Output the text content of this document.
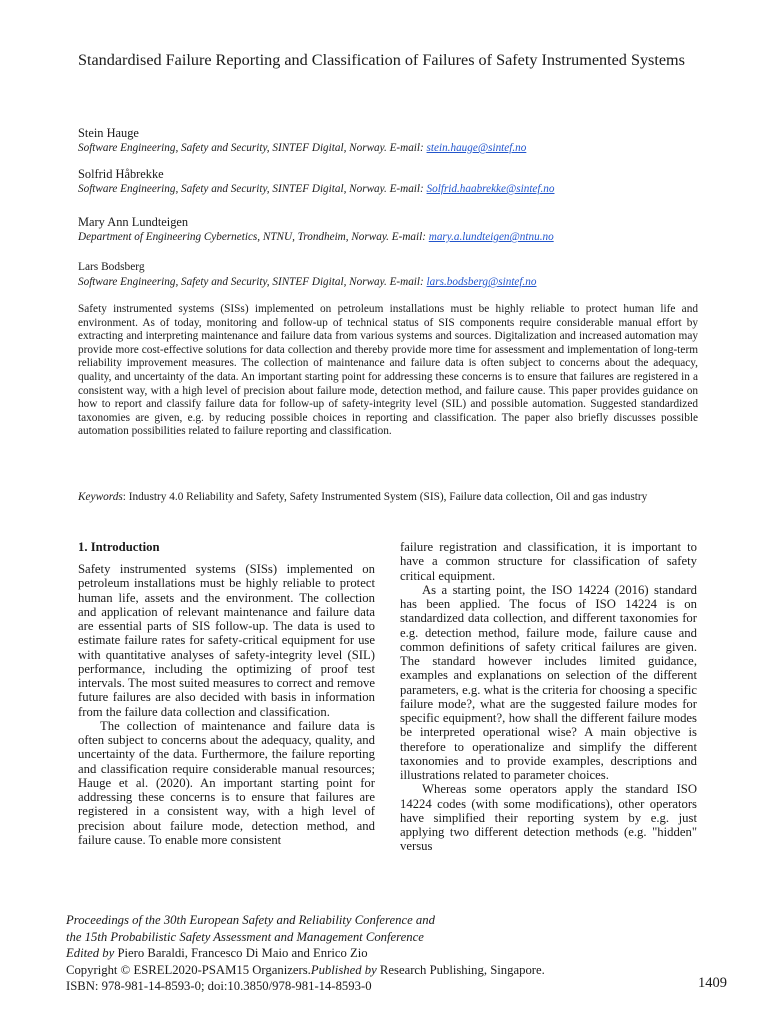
Standardised Failure Reporting and Classification of Failures of Safety Instrumented Systems
Stein Hauge
Software Engineering, Safety and Security, SINTEF Digital, Norway. E-mail: stein.hauge@sintef.no
Solfrid Håbrekke
Software Engineering, Safety and Security, SINTEF Digital, Norway. E-mail: Solfrid.haabrekke@sintef.no
Mary Ann Lundteigen
Department of Engineering Cybernetics, NTNU, Trondheim, Norway. E-mail: mary.a.lundteigen@ntnu.no
Lars Bodsberg
Software Engineering, Safety and Security, SINTEF Digital, Norway. E-mail: lars.bodsberg@sintef.no
Safety instrumented systems (SISs) implemented on petroleum installations must be highly reliable to protect human life and environment. As of today, monitoring and follow-up of technical status of SIS components require considerable manual effort by extracting and interpreting maintenance and failure data from various systems and sources. Digitalization and increased automation may provide more cost-effective solutions for data collection and thereby provide more time for assessment and implementation of long-term reliability improvement measures. The collection of maintenance and failure data is often subject to concerns about the adequacy, quality, and uncertainty of the data. An important starting point for addressing these concerns is to ensure that failures are registered in a consistent way, with a high level of precision about failure mode, detection method, and failure cause. This paper provides guidance on how to report and classify failure data for follow-up of safety-integrity level (SIL) and possible automation. Suggested standardized taxonomies are given, e.g. by reducing possible choices in reporting and classification. The paper also briefly discusses possible automation possibilities related to failure reporting and classification.
Keywords: Industry 4.0 Reliability and Safety, Safety Instrumented System (SIS), Failure data collection, Oil and gas industry
1. Introduction

Safety instrumented systems (SISs) implemented on petroleum installations must be highly reliable to protect human life, assets and the environment. The collection and application of relevant maintenance and failure data are essential parts of SIS follow-up. The data is used to estimate failure rates for safety-critical equipment for use with quantitative analyses of safety-integrity level (SIL) performance, including the optimizing of proof test intervals. The most suited measures to correct and remove future failures are also decided with basis in information from the failure data collection and classification.

The collection of maintenance and failure data is often subject to concerns about the adequacy, quality, and uncertainty of the data. Furthermore, the failure reporting and classification require considerable manual resources; Hauge et al. (2020). An important starting point for addressing these concerns is to ensure that failures are registered in a consistent way, with a high level of precision about failure mode, detection method, and failure cause. To enable more consistent

failure registration and classification, it is important to have a common structure for classification of safety critical equipment.

As a starting point, the ISO 14224 (2016) standard has been applied. The focus of ISO 14224 is on standardized data collection, and different taxonomies for e.g. detection method, failure mode, failure cause and common definitions of safety critical failures are given. The standard however includes limited guidance, examples and explanations on selection of the different parameters, e.g. what is the criteria for choosing a specific failure mode?, what are the suggested failure modes for specific equipment?, how shall the different failure modes be interpreted operational wise? A main objective is therefore to operationalize and simplify the different taxonomies and to provide examples, descriptions and illustrations related to parameter choices.

Whereas some operators apply the standard ISO 14224 codes (with some modifications), other operators have simplified their reporting system by e.g. just applying two different detection methods (e.g. "hidden" versus

Proceedings of the 30th European Safety and Reliability Conference and
the 15th Probabilistic Safety Assessment and Management Conference
Edited by Piero Baraldi, Francesco Di Maio and Enrico Zio
Copyright © ESREL2020-PSAM15 Organizers.Published by Research Publishing, Singapore.
ISBN: 978-981-14-8593-0; doi:10.3850/978-981-14-8593-0	1409
